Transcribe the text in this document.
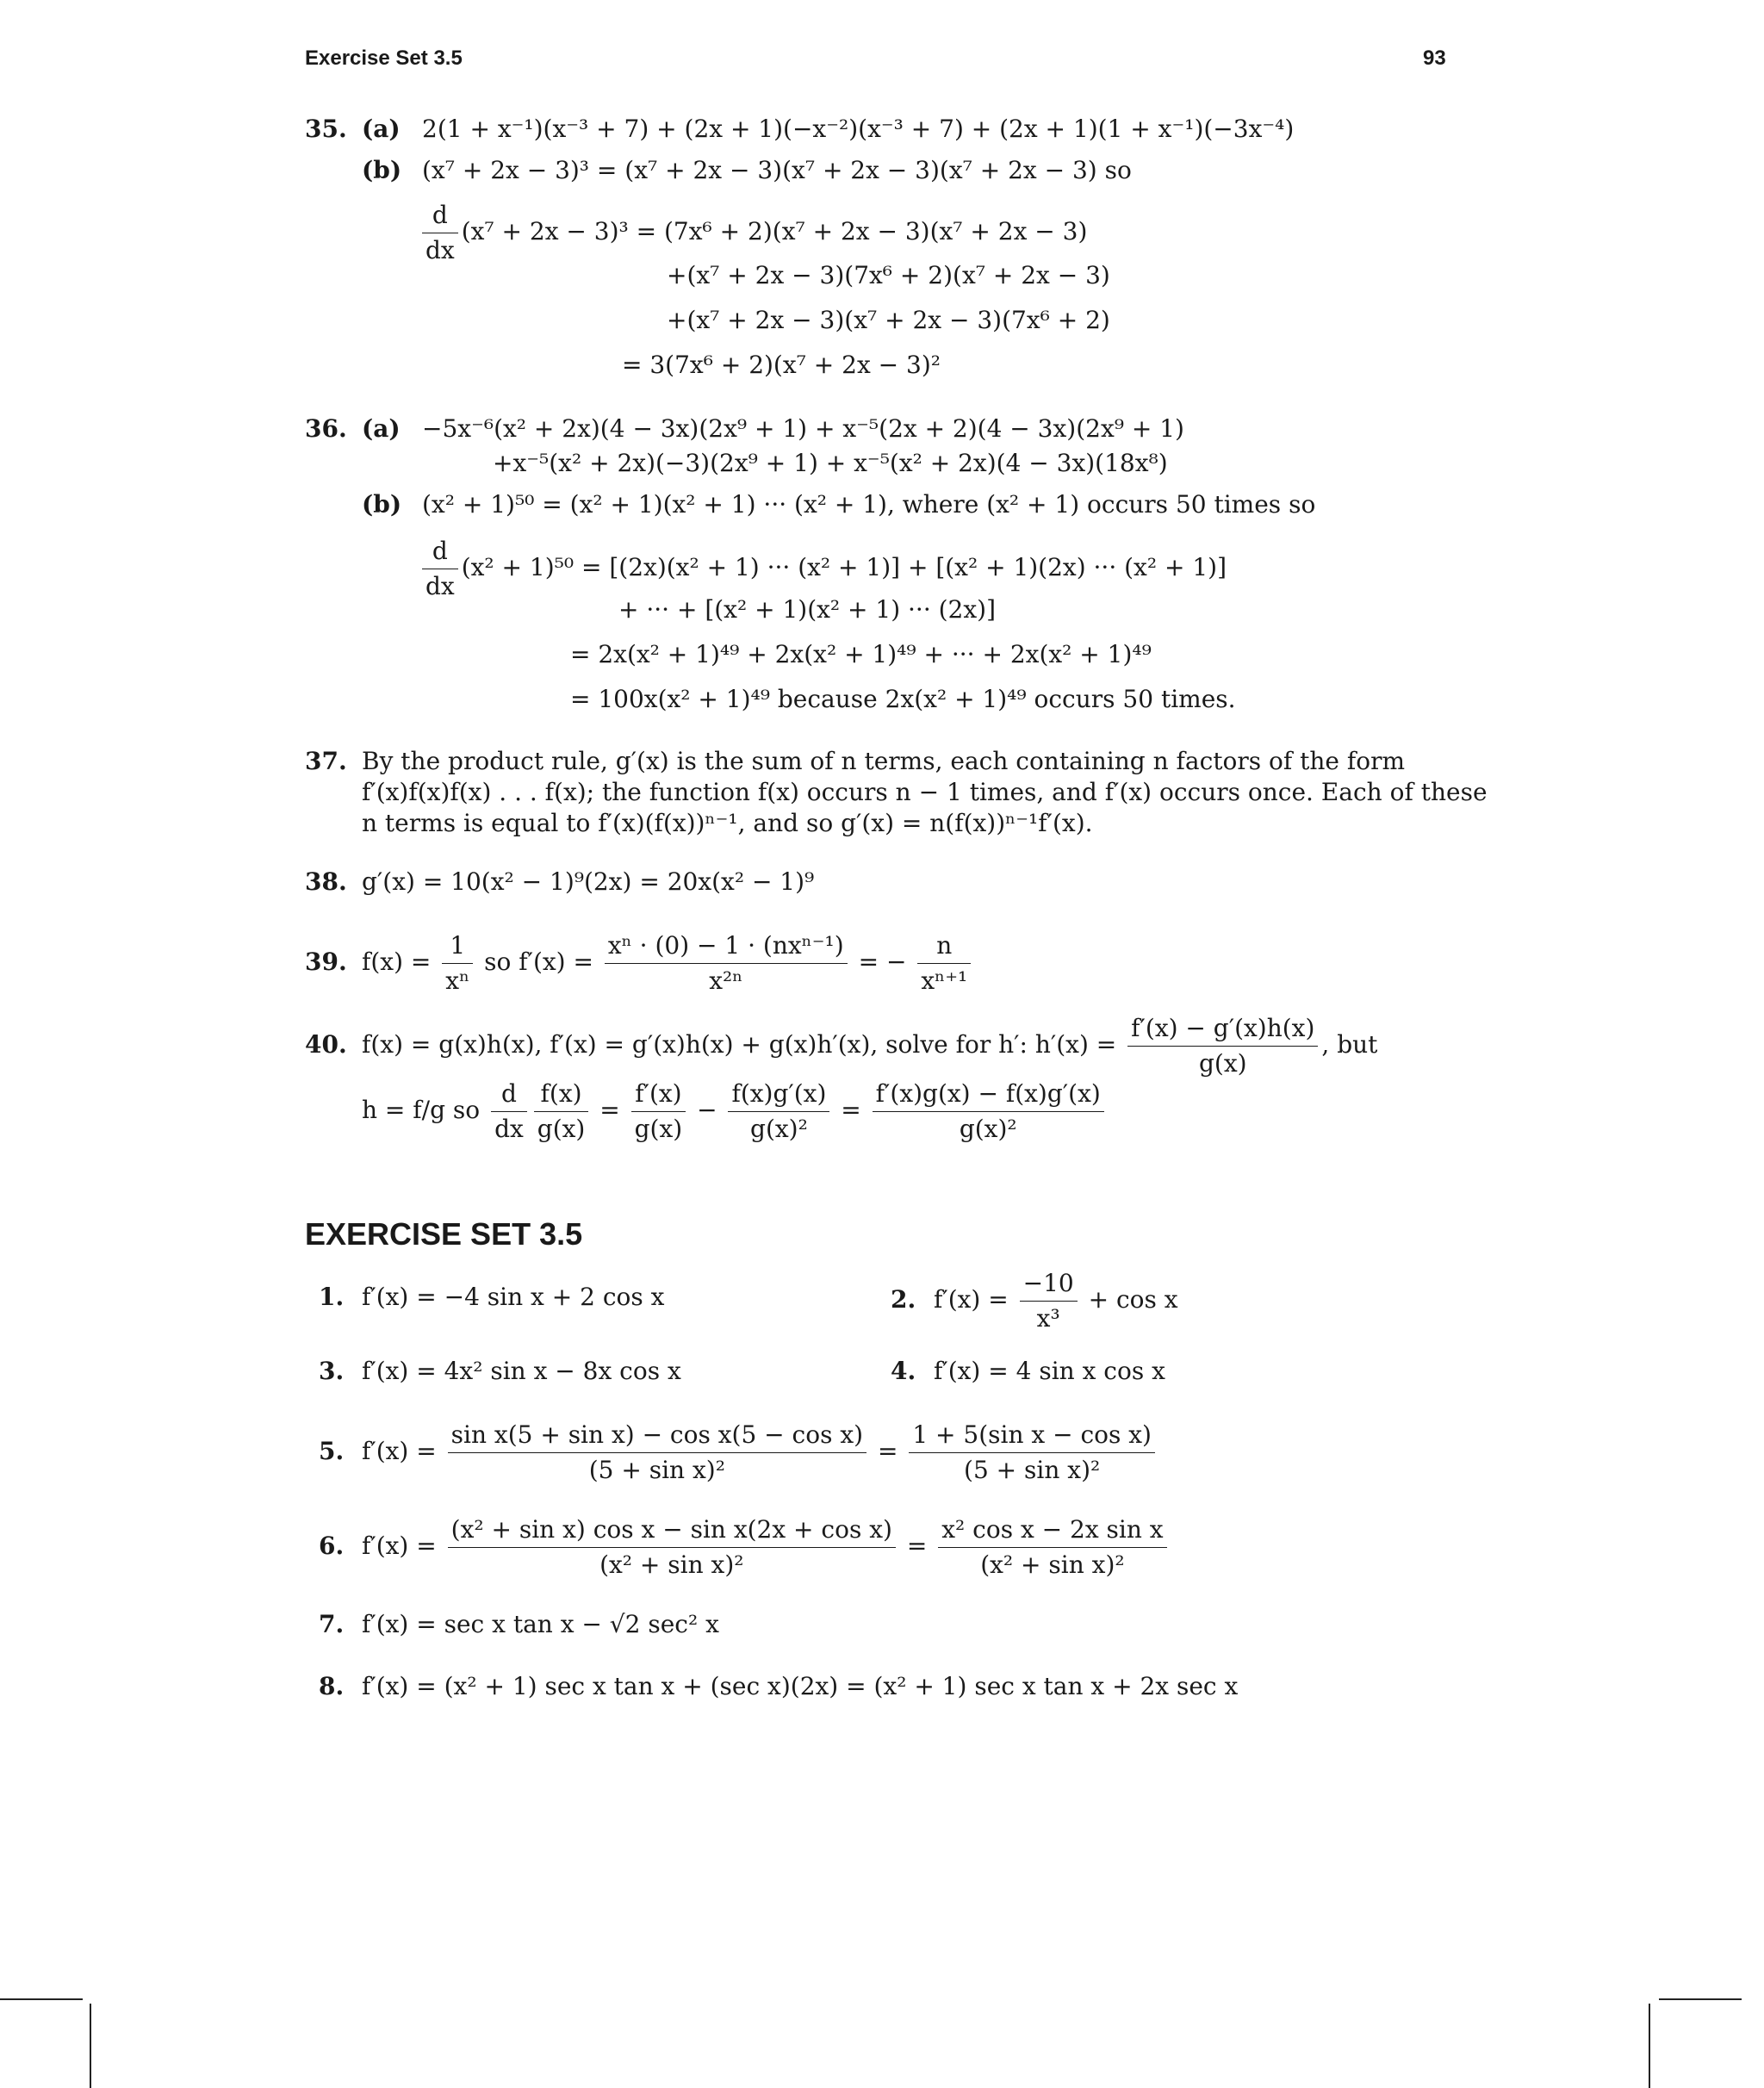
Exercise Set 3.5	93
35. (a) 2(1 + x⁻¹)(x⁻³ + 7) + (2x + 1)(−x⁻²)(x⁻³ + 7) + (2x + 1)(1 + x⁻¹)(−3x⁻⁴)
(b) (x⁷ + 2x − 3)³ = (x⁷ + 2x − 3)(x⁷ + 2x − 3)(x⁷ + 2x − 3) so
$\frac{d}{dx} (x^7 + 2x - 3)^3 = (7x^6 + 2)(x^7 + 2x - 3)(x^7 + 2x - 3)$
+(x⁷ + 2x − 3)(7x⁶ + 2)(x⁷ + 2x − 3)
+(x⁷ + 2x − 3)(x⁷ + 2x − 3)(7x⁶ + 2)
= 3(7x⁶ + 2)(x⁷ + 2x − 3)²
36. (a) −5x⁻⁶(x² + 2x)(4 − 3x)(2x⁹ + 1) + x⁻⁵(2x + 2)(4 − 3x)(2x⁹ + 1)
+x⁻⁵(x² + 2x)(−3)(2x⁹ + 1) + x⁻⁵(x² + 2x)(4 − 3x)(18x⁸)
(b) (x² + 1)⁵⁰ = (x² + 1)(x² + 1) ··· (x² + 1), where (x² + 1) occurs 50 times so
$\frac{d}{dx} (x^2 + 1)^{50} = [(2x)(x^2 + 1)$ ··· (x² + 1)] + [(x² + 1)(2x) ··· (x² + 1)]
+ ··· + [(x² + 1)(x² + 1) ··· (2x)]
= 2x(x² + 1)⁴⁹ + 2x(x² + 1)⁴⁹ + ··· + 2x(x² + 1)⁴⁹
= 100x(x² + 1)⁴⁹ because 2x(x² + 1)⁴⁹ occurs 50 times.
37. By the product rule, g′(x) is the sum of n terms, each containing n factors of the form
f′(x)f(x)f(x) . . . f(x); the function f(x) occurs n − 1 times, and f′(x) occurs once. Each of these
n terms is equal to f′(x)(f(x))ⁿ⁻¹, and so g′(x) = n(f(x))ⁿ⁻¹f′(x).
38. g′(x) = 10(x² − 1)⁹(2x) = 20x(x² − 1)⁹
39. $f(x) = \frac{1}{\text{xⁿ}}$ so $f'(x) = \frac{\text{xⁿ · (0) − 1 · (nxⁿ⁻¹)}}{\text{x²ⁿ}}$ = − $\frac{n}{\text{xⁿ⁺¹}}$
40. f(x) = g(x)h(x), f′(x) = g′(x)h(x) + g(x)h′(x), solve for h′: $h'(x) = \frac{f'(x) - g'(x)h(x)}{g(x)}$ , but
h = f/g so $\frac{d}{dx} \frac{f(x)}{g(x)} = \frac{f'(x)}{g(x)} - \frac{f(x)g'(x)}{\text{g(x)²}} = \frac{f'(x)g(x) - f(x)g'(x)}{\text{g(x)²}}$
EXERCISE SET 3.5
1. f′(x) = −4 sin x + 2 cos x	2. $f'(x) = \frac{-10}{\text{x³}} + \cos x$
3. f′(x) = 4x² sin x − 8x cos x	4. f′(x) = 4 sin x cos x
5. $f'(x) = \frac{\text{sin x(5 + sin x) − cos x(5 − cos x)}}{\text{(5 + sin x)²}} = \frac{\text{1 + 5(sin x − cos x)}}{\text{(5 + sin x)²}}$
6. $f'(x) = \frac{\text{(x² + sin x) cos x − sin x(2x + cos x)}}{\text{(x² + sin x)²}} = \frac{\text{x² cos x − 2x sin x}}{\text{(x² + sin x)²}}$
7. f′(x) = sec x tan x − √2 sec² x
8. f′(x) = (x² + 1) sec x tan x + (sec x)(2x) = (x² + 1) sec x tan x + 2x sec x
